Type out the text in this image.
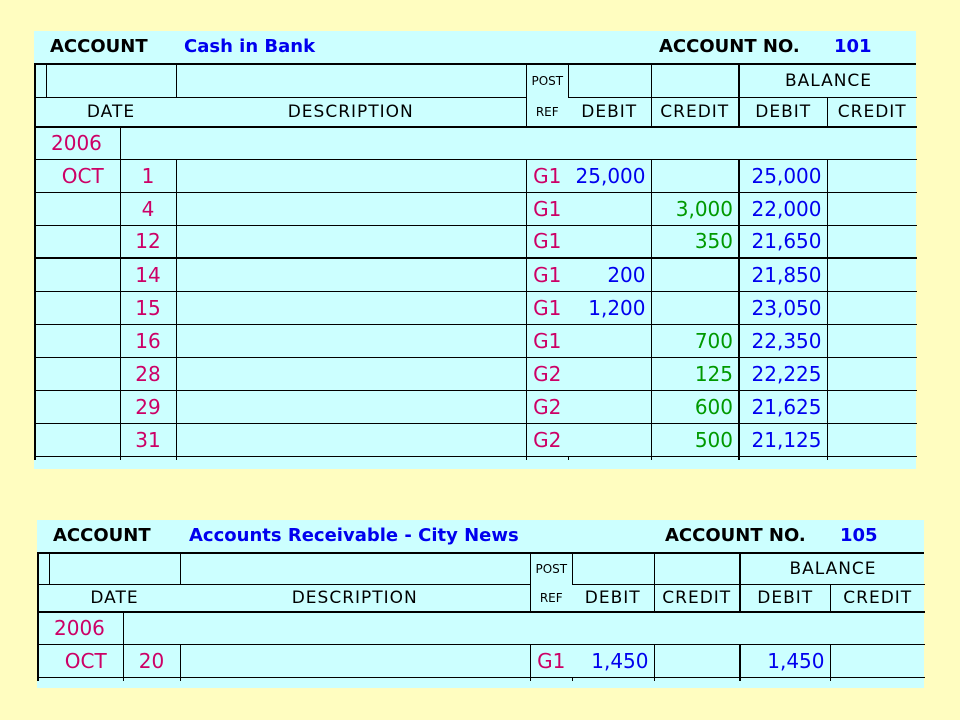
ACCOUNT Cash in Bank	ACCOUNT NO. 101
				POST			BALANCE	
	DATE		DESCRIPTION	REF	DEBIT	CREDIT	DEBIT	CREDIT
	2006							
	OCT	1		G1	25,000		25,000	
		4		G1		3,000	22,000	
		12		G1		350	21,650	
		14		G1	200		21,850	
		15		G1	1,200		23,050	
		16		G1		700	22,350	
		28		G2		125	22,225	
		29		G2		600	21,625	
		31		G2		500	21,125	

ACCOUNT Accounts Receivable - City News	ACCOUNT NO. 105
				POST			BALANCE	
	DATE		DESCRIPTION	REF	DEBIT	CREDIT	DEBIT	CREDIT
	2006							
	OCT	20		G1	1,450		1,450	
